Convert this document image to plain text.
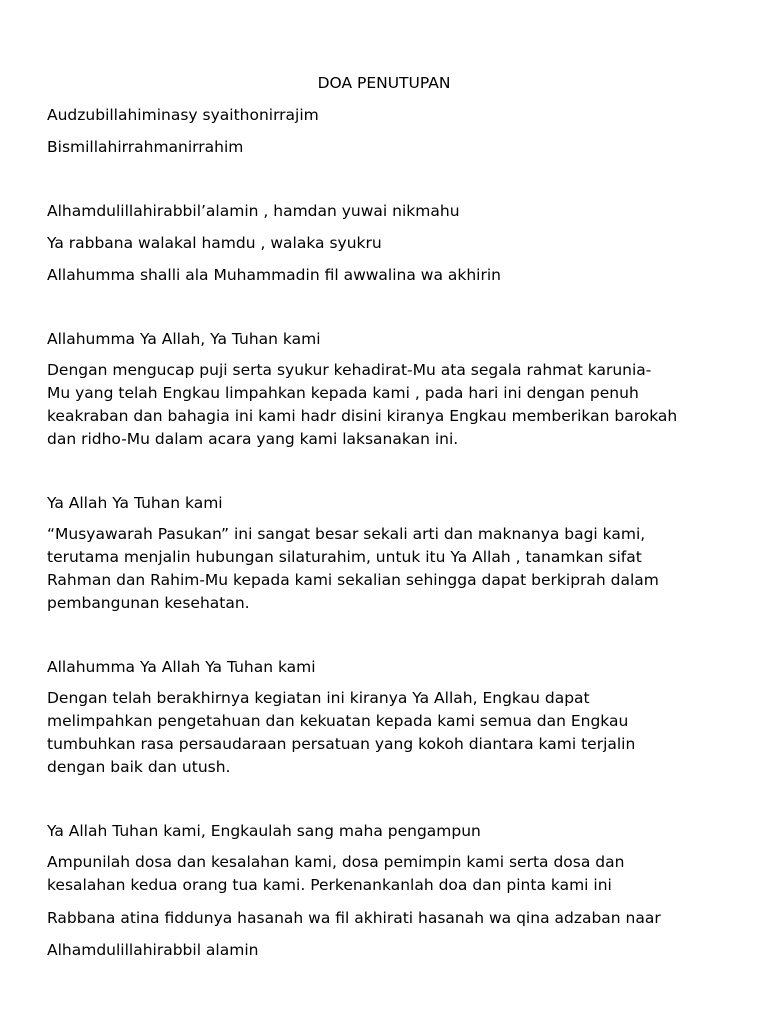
DOA PENUTUPAN
Audzubillahiminasy syaithonirrajim
Bismillahirrahmanirrahim
Alhamdulillahirabbil’alamin , hamdan yuwai nikmahu
Ya rabbana walakal hamdu , walaka syukru
Allahumma shalli ala Muhammadin fil awwalina wa akhirin
Allahumma Ya Allah, Ya Tuhan kami
Dengan mengucap puji serta syukur kehadirat-Mu ata segala rahmat karunia-
Mu yang telah Engkau limpahkan kepada kami , pada hari ini dengan penuh
keakraban dan bahagia ini kami hadr disini kiranya Engkau memberikan barokah
dan ridho-Mu dalam acara yang kami laksanakan ini.
Ya Allah Ya Tuhan kami
“Musyawarah Pasukan” ini sangat besar sekali arti dan maknanya bagi kami,
terutama menjalin hubungan silaturahim, untuk itu Ya Allah , tanamkan sifat
Rahman dan Rahim-Mu kepada kami sekalian sehingga dapat berkiprah dalam
pembangunan kesehatan.
Allahumma Ya Allah Ya Tuhan kami
Dengan telah berakhirnya kegiatan ini kiranya Ya Allah, Engkau dapat
melimpahkan pengetahuan dan kekuatan kepada kami semua dan Engkau
tumbuhkan rasa persaudaraan persatuan yang kokoh diantara kami terjalin
dengan baik dan utush.
Ya Allah Tuhan kami, Engkaulah sang maha pengampun
Ampunilah dosa dan kesalahan kami, dosa pemimpin kami serta dosa dan
kesalahan kedua orang tua kami. Perkenankanlah doa dan pinta kami ini
Rabbana atina fiddunya hasanah wa fil akhirati hasanah wa qina adzaban naar
Alhamdulillahirabbil alamin
